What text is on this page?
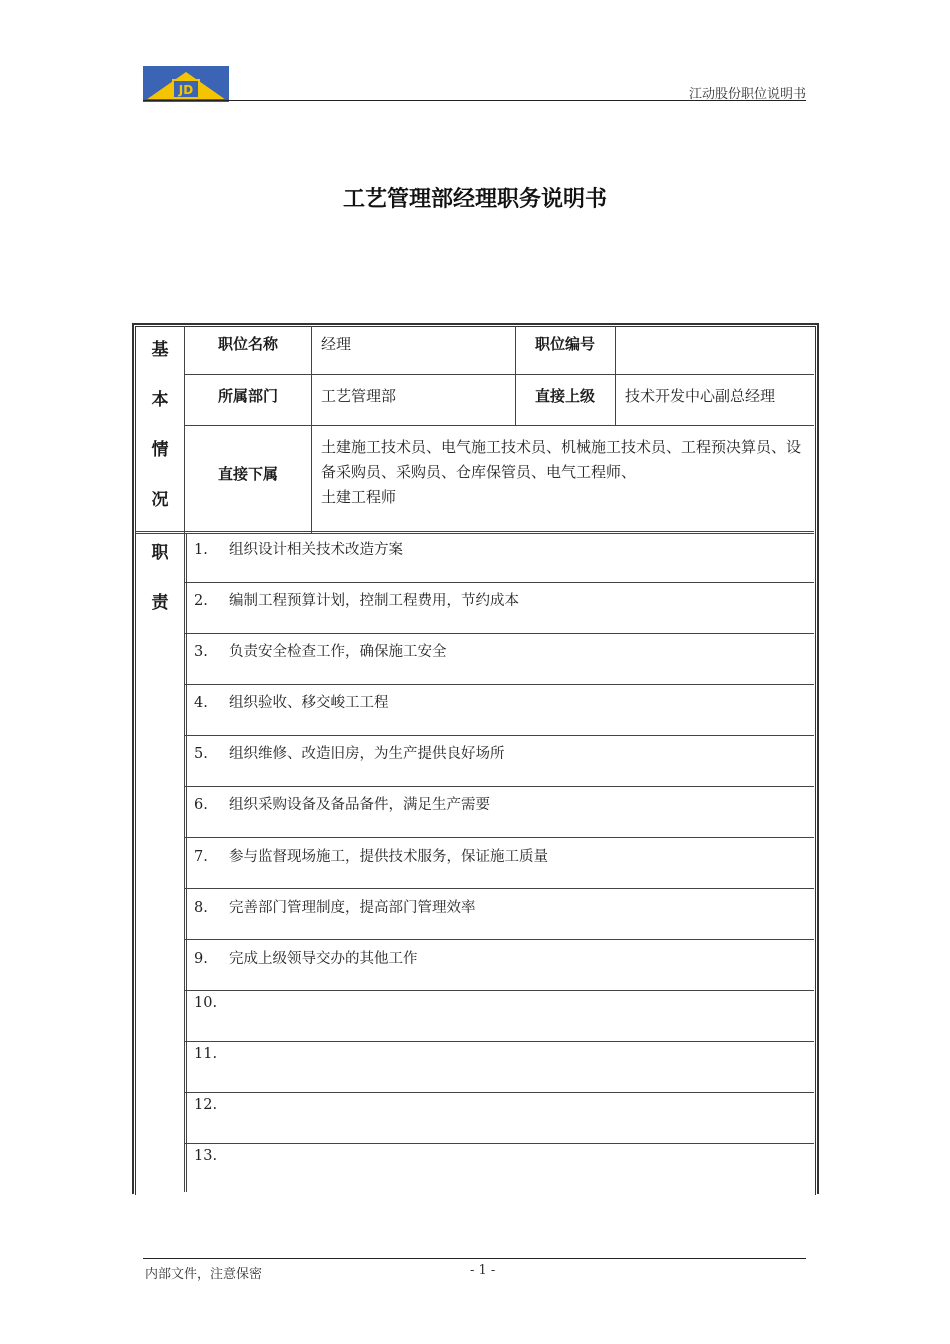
JD	江动股份职位说明书
工艺管理部经理职务说明书
基
本
情
况
职位名称	经理	职位编号
所属部门	工艺管理部	直接上级	技术开发中心副总经理
直接下属
土建施工技术员、电气施工技术员、机械施工技术员、工程预决算员、设备采购员、采购员、仓库保管员、电气工程师、
土建工程师
职
责
1. 组织设计相关技术改造方案
2. 编制工程预算计划，控制工程费用，节约成本
3. 负责安全检查工作，确保施工安全
4. 组织验收、移交峻工工程
5. 组织维修、改造旧房，为生产提供良好场所
6. 组织采购设备及备品备件，满足生产需要
7. 参与监督现场施工，提供技术服务，保证施工质量
8. 完善部门管理制度，提高部门管理效率
9. 完成上级领导交办的其他工作
10.
11.
12.
13.
内部文件，注意保密	- 1 -
